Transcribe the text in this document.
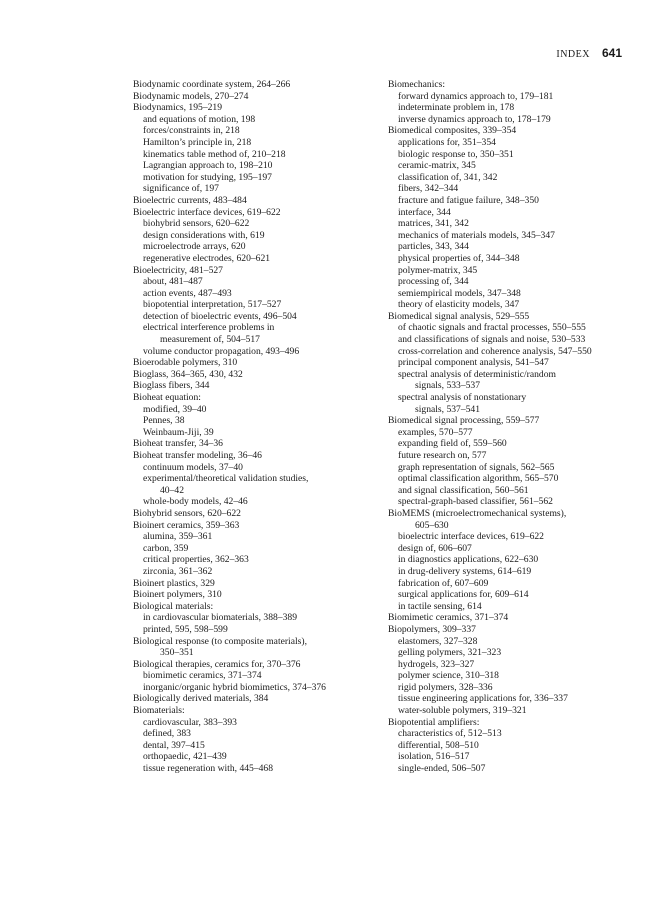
INDEX 641
Biodynamic coordinate system, 264–266
Biodynamic models, 270–274
Biodynamics, 195–219
and equations of motion, 198
forces/constraints in, 218
Hamilton’s principle in, 218
kinematics table method of, 210–218
Lagrangian approach to, 198–210
motivation for studying, 195–197
significance of, 197
Bioelectric currents, 483–484
Bioelectric interface devices, 619–622
biohybrid sensors, 620–622
design considerations with, 619
microelectrode arrays, 620
regenerative electrodes, 620–621
Bioelectricity, 481–527
about, 481–487
action events, 487–493
biopotential interpretation, 517–527
detection of bioelectric events, 496–504
electrical interference problems in
measurement of, 504–517
volume conductor propagation, 493–496
Bioerodable polymers, 310
Bioglass, 364–365, 430, 432
Bioglass fibers, 344
Bioheat equation:
modified, 39–40
Pennes, 38
Weinbaum-Jiji, 39
Bioheat transfer, 34–36
Bioheat transfer modeling, 36–46
continuum models, 37–40
experimental/theoretical validation studies,
40–42
whole-body models, 42–46
Biohybrid sensors, 620–622
Bioinert ceramics, 359–363
alumina, 359–361
carbon, 359
critical properties, 362–363
zirconia, 361–362
Bioinert plastics, 329
Bioinert polymers, 310
Biological materials:
in cardiovascular biomaterials, 388–389
printed, 595, 598–599
Biological response (to composite materials),
350–351
Biological therapies, ceramics for, 370–376
biomimetic ceramics, 371–374
inorganic/organic hybrid biomimetics, 374–376
Biologically derived materials, 384
Biomaterials:
cardiovascular, 383–393
defined, 383
dental, 397–415
orthopaedic, 421–439
tissue regeneration with, 445–468
Biomechanics:
forward dynamics approach to, 179–181
indeterminate problem in, 178
inverse dynamics approach to, 178–179
Biomedical composites, 339–354
applications for, 351–354
biologic response to, 350–351
ceramic-matrix, 345
classification of, 341, 342
fibers, 342–344
fracture and fatigue failure, 348–350
interface, 344
matrices, 341, 342
mechanics of materials models, 345–347
particles, 343, 344
physical properties of, 344–348
polymer-matrix, 345
processing of, 344
semiempirical models, 347–348
theory of elasticity models, 347
Biomedical signal analysis, 529–555
of chaotic signals and fractal processes, 550–555
and classifications of signals and noise, 530–533
cross-correlation and coherence analysis, 547–550
principal component analysis, 541–547
spectral analysis of deterministic/random
signals, 533–537
spectral analysis of nonstationary
signals, 537–541
Biomedical signal processing, 559–577
examples, 570–577
expanding field of, 559–560
future research on, 577
graph representation of signals, 562–565
optimal classification algorithm, 565–570
and signal classification, 560–561
spectral-graph-based classifier, 561–562
BioMEMS (microelectromechanical systems),
605–630
bioelectric interface devices, 619–622
design of, 606–607
in diagnostics applications, 622–630
in drug-delivery systems, 614–619
fabrication of, 607–609
surgical applications for, 609–614
in tactile sensing, 614
Biomimetic ceramics, 371–374
Biopolymers, 309–337
elastomers, 327–328
gelling polymers, 321–323
hydrogels, 323–327
polymer science, 310–318
rigid polymers, 328–336
tissue engineering applications for, 336–337
water-soluble polymers, 319–321
Biopotential amplifiers:
characteristics of, 512–513
differential, 508–510
isolation, 516–517
single-ended, 506–507
